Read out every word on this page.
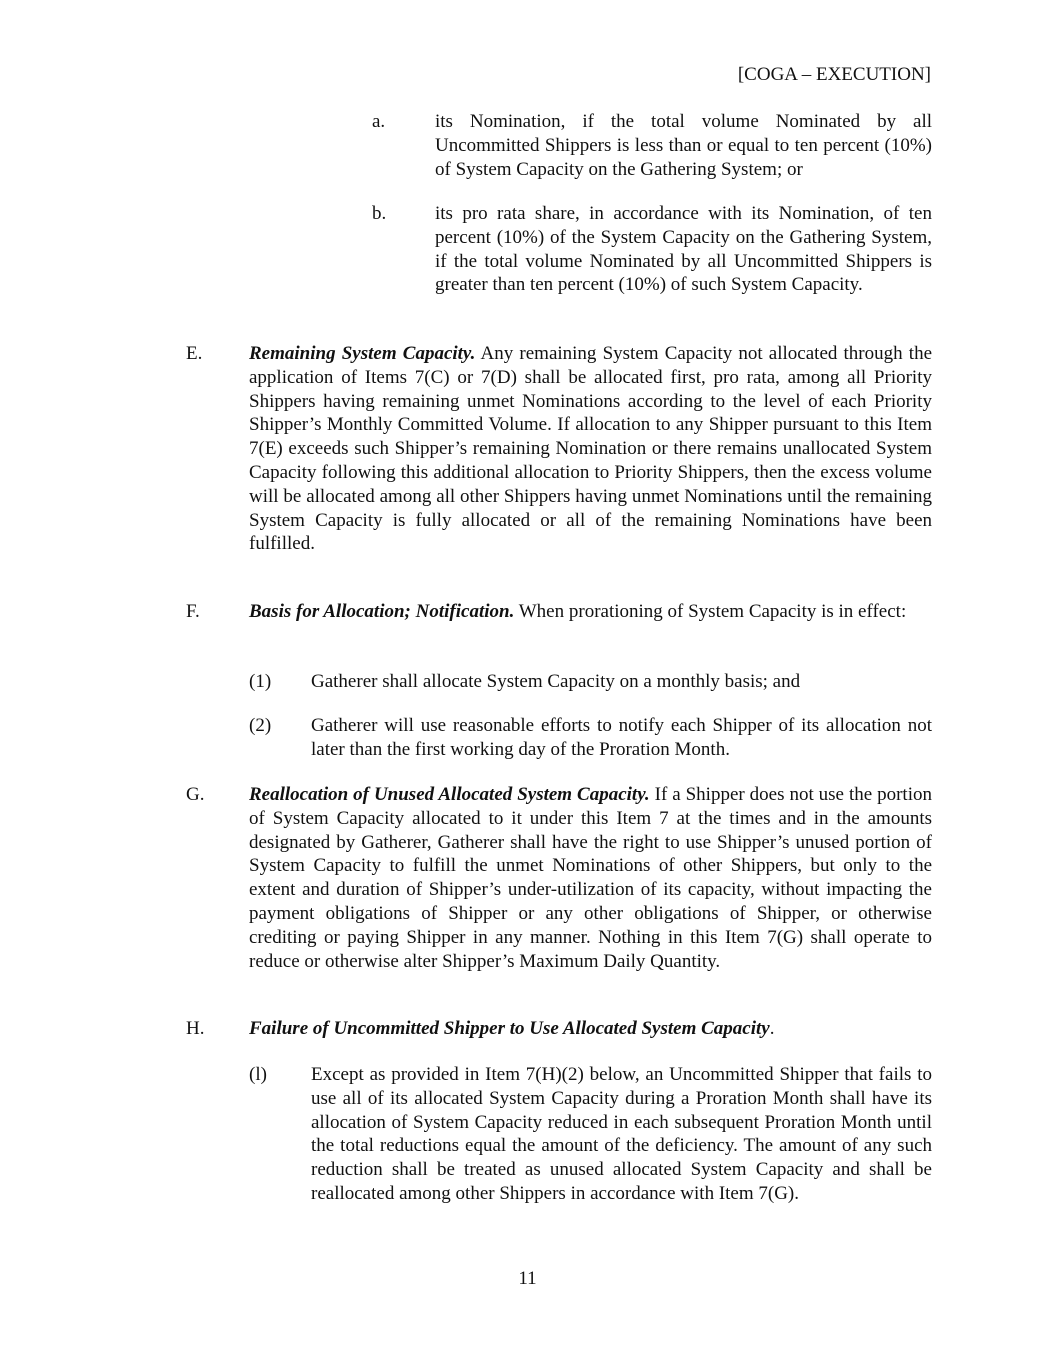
[COGA – EXECUTION]
a.	its Nomination, if the total volume Nominated by all Uncommitted Shippers is less than or equal to ten percent (10%) of System Capacity on the Gathering System; or
b.	its pro rata share, in accordance with its Nomination, of ten percent (10%) of the System Capacity on the Gathering System, if the total volume Nominated by all Uncommitted Shippers is greater than ten percent (10%) of such System Capacity.
E. Remaining System Capacity. Any remaining System Capacity not allocated through the application of Items 7(C) or 7(D) shall be allocated first, pro rata, among all Priority Shippers having remaining unmet Nominations according to the level of each Priority Shipper’s Monthly Committed Volume. If allocation to any Shipper pursuant to this Item 7(E) exceeds such Shipper’s remaining Nomination or there remains unallocated System Capacity following this additional allocation to Priority Shippers, then the excess volume will be allocated among all other Shippers having unmet Nominations until the remaining System Capacity is fully allocated or all of the remaining Nominations have been fulfilled.
F.	Basis for Allocation; Notification. When prorationing of System Capacity is in effect:
(1) Gatherer shall allocate System Capacity on a monthly basis; and
(2) Gatherer will use reasonable efforts to notify each Shipper of its allocation not later than the first working day of the Proration Month.
G. Reallocation of Unused Allocated System Capacity. If a Shipper does not use the portion of System Capacity allocated to it under this Item 7 at the times and in the amounts designated by Gatherer, Gatherer shall have the right to use Shipper’s unused portion of System Capacity to fulfill the unmet Nominations of other Shippers, but only to the extent and duration of Shipper’s under-utilization of its capacity, without impacting the payment obligations of Shipper or any other obligations of Shipper, or otherwise crediting or paying Shipper in any manner. Nothing in this Item 7(G) shall operate to reduce or otherwise alter Shipper’s Maximum Daily Quantity.
H. Failure of Uncommitted Shipper to Use Allocated System Capacity.
(l) Except as provided in Item 7(H)(2) below, an Uncommitted Shipper that fails to use all of its allocated System Capacity during a Proration Month shall have its allocation of System Capacity reduced in each subsequent Proration Month until the total reductions equal the amount of the deficiency. The amount of any such reduction shall be treated as unused allocated System Capacity and shall be reallocated among other Shippers in accordance with Item 7(G).
11
